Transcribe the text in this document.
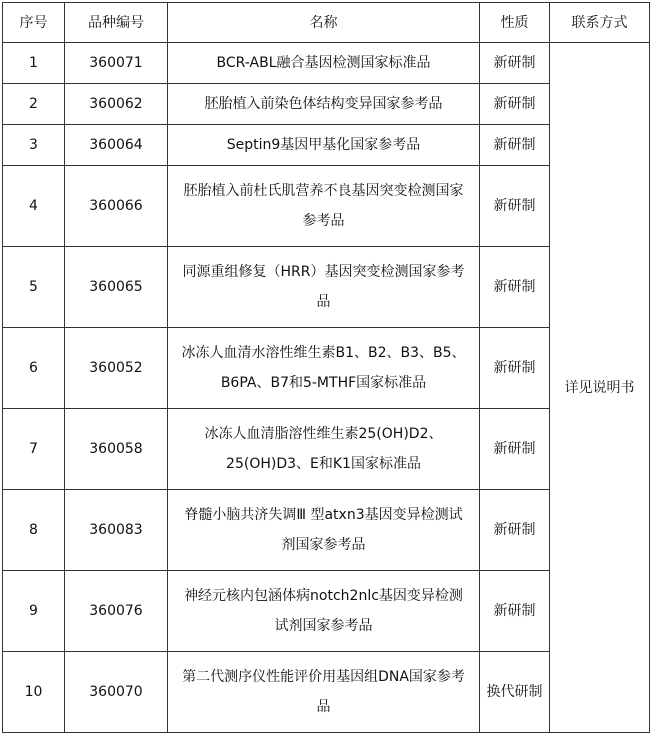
序号	品种编号	名称	性质	联系方式
1	360071	BCR-ABL融合基因检测国家标准品	新研制	详见说明书
2	360062	胚胎植入前染色体结构变异国家参考品	新研制	
3	360064	Septin9基因甲基化国家参考品	新研制	
4	360066	胚胎植入前杜氏肌营养不良基因突变检测国家参考品	新研制	
5	360065	同源重组修复（HRR）基因突变检测国家参考品	新研制	
6	360052	冰冻人血清水溶性维生素B1、B2、B3、B5、B6PA、B7和5-MTHF国家标准品	新研制	
7	360058	冰冻人血清脂溶性维生素25(OH)D2、25(OH)D3、E和K1国家标准品	新研制	
8	360083	脊髓小脑共济失调Ⅲ 型atxn3基因变异检测试剂国家参考品	新研制	
9	360076	神经元核内包涵体病notch2nlc基因变异检测试剂国家参考品	新研制	
10	360070	第二代测序仪性能评价用基因组DNA国家参考品	换代研制	
